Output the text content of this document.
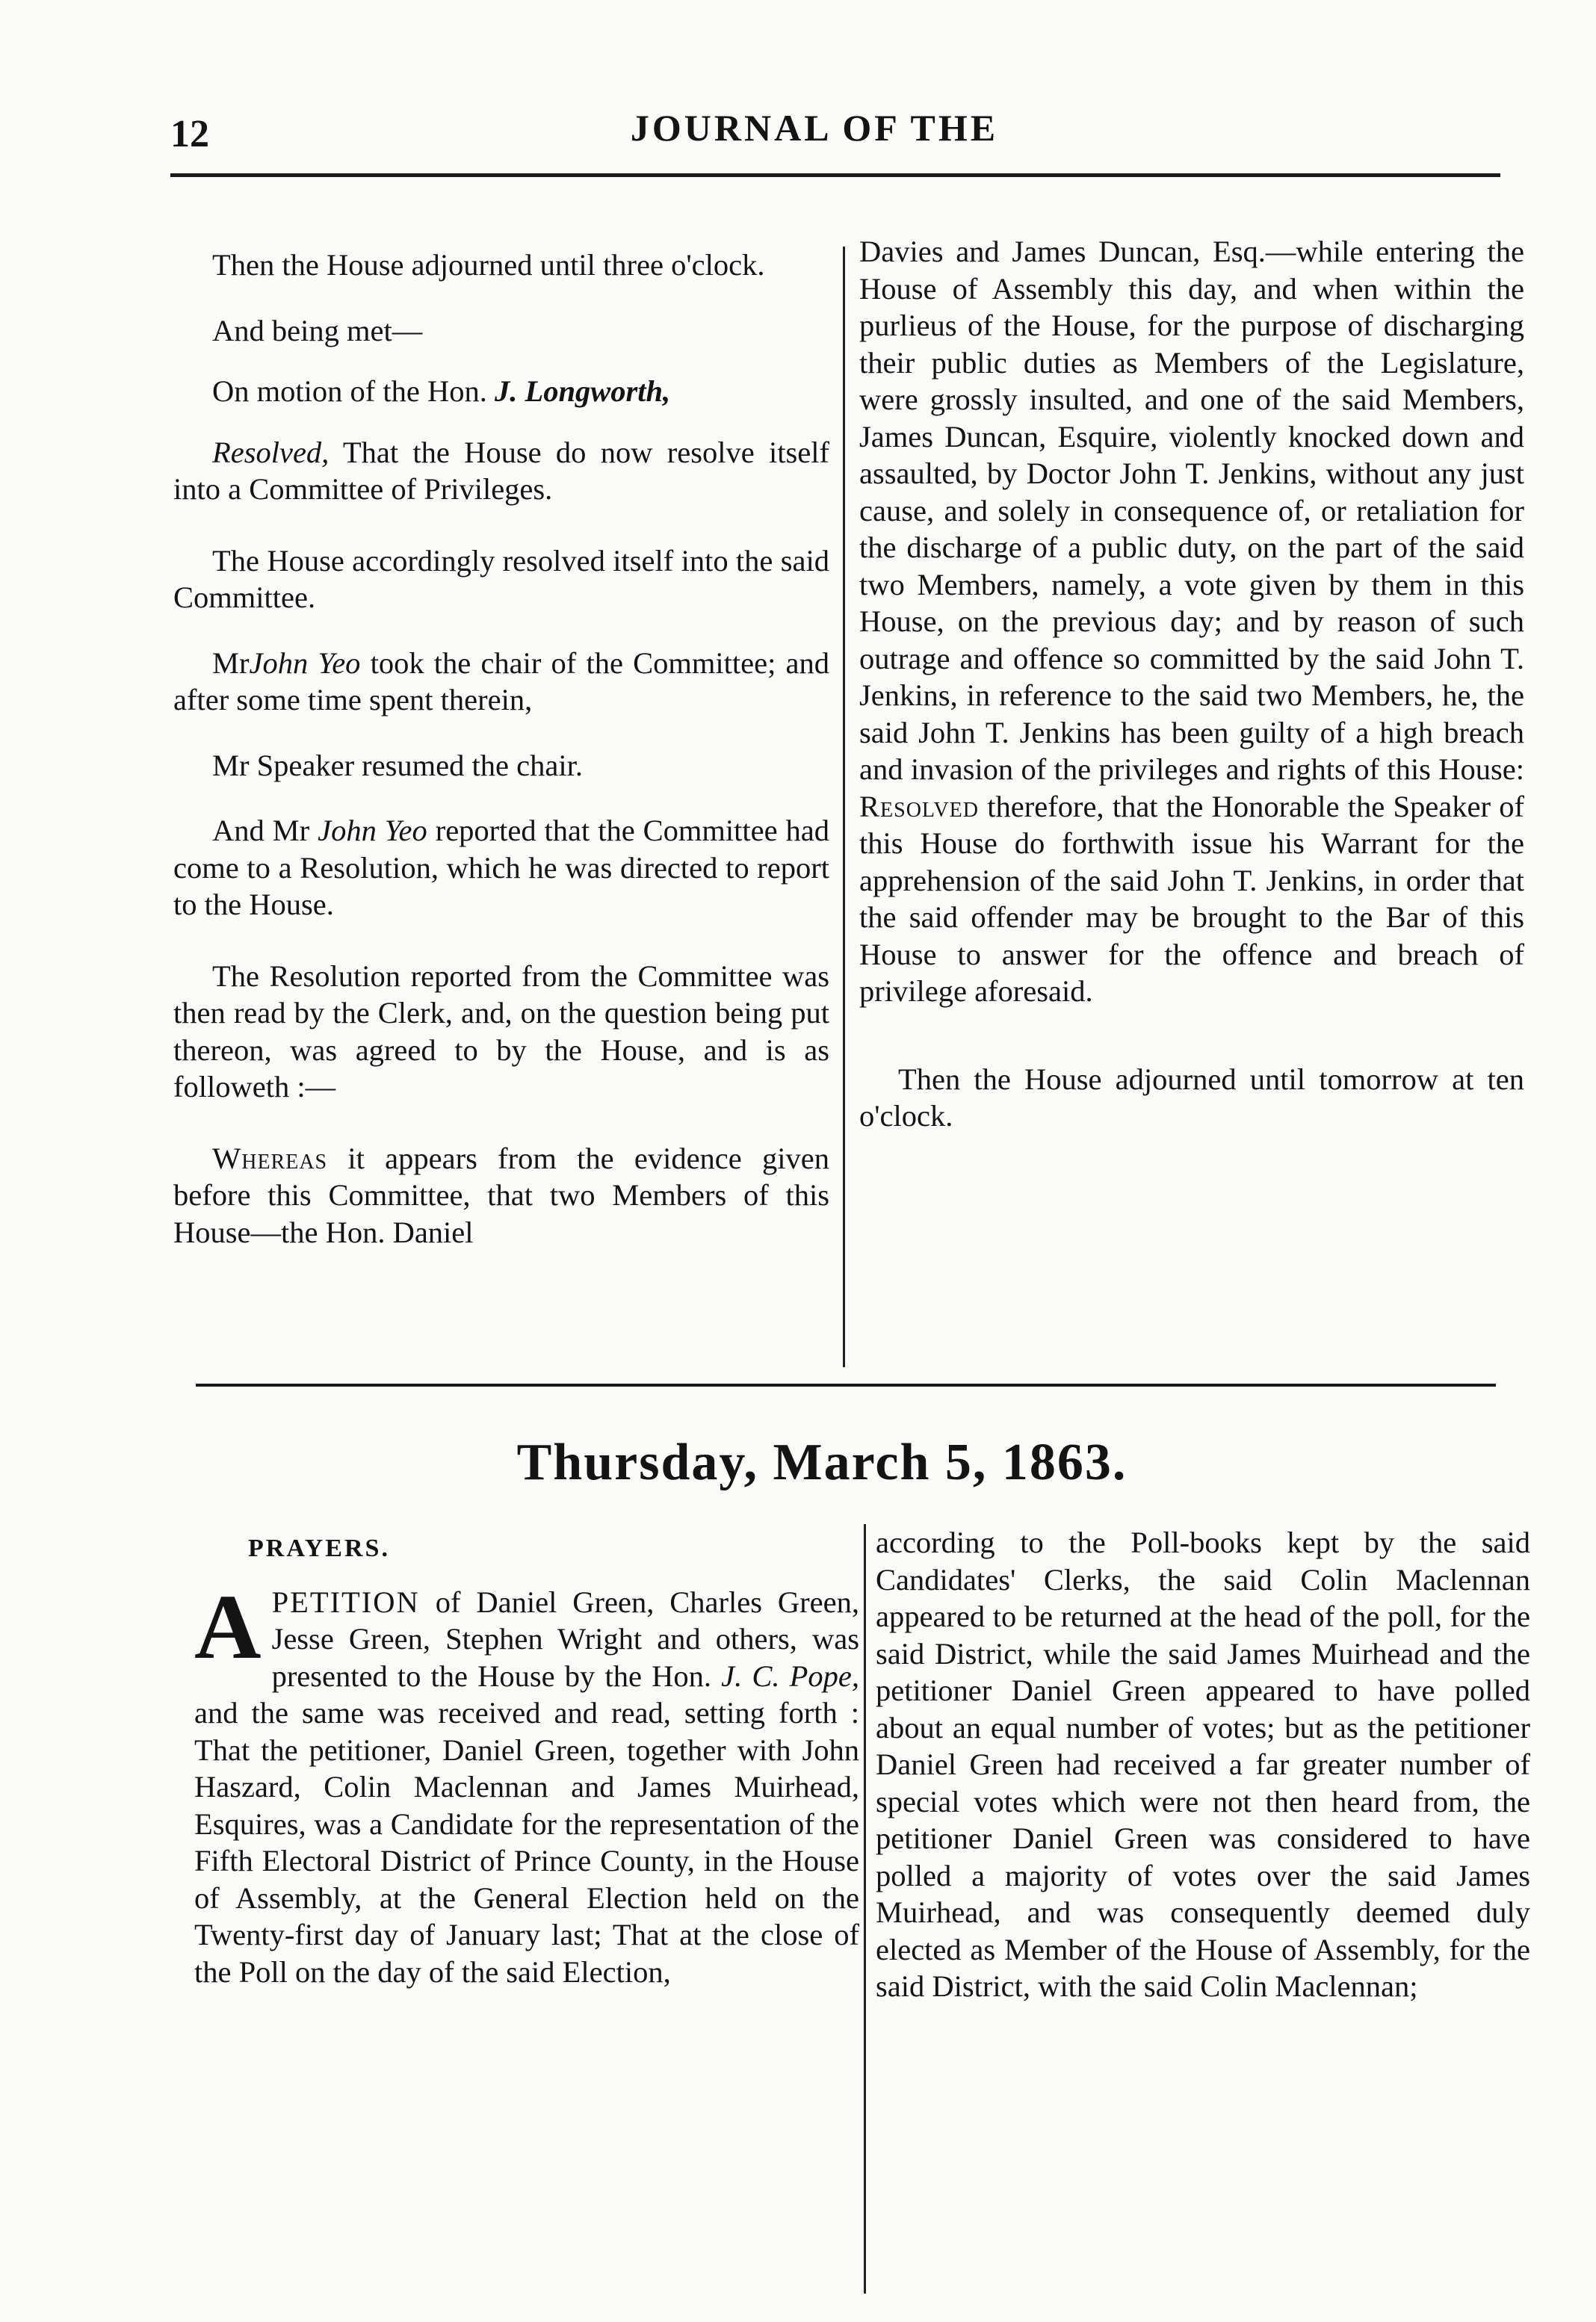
12	JOURNAL OF THE

Then the House adjourned until three o'clock.

And being met—

On motion of the Hon. J. Longworth,

Resolved, That the House do now resolve itself into a Committee of Privileges.

The House accordingly resolved itself into the said Committee.

MrJohn Yeo took the chair of the Committee; and after some time spent therein,

Mr Speaker resumed the chair.

And Mr John Yeo reported that the Committee had come to a Resolution, which he was directed to report to the House.

The Resolution reported from the Committee was then read by the Clerk, and, on the question being put thereon, was agreed to by the House, and is as followeth :—

Whereas it appears from the evidence given before this Committee, that two Members of this House—the Hon. Daniel

Davies and James Duncan, Esq.—while entering the House of Assembly this day, and when within the purlieus of the House, for the purpose of discharging their public duties as Members of the Legislature, were grossly insulted, and one of the said Members, James Duncan, Esquire, violently knocked down and assaulted, by Doctor John T. Jenkins, without any just cause, and solely in consequence of, or retaliation for the discharge of a public duty, on the part of the said two Members, namely, a vote given by them in this House, on the previous day; and by reason of such outrage and offence so committed by the said John T. Jenkins, in reference to the said two Members, he, the said John T. Jenkins has been guilty of a high breach and invasion of the privileges and rights of this House: Resolved therefore, that the Honorable the Speaker of this House do forthwith issue his Warrant for the apprehension of the said John T. Jenkins, in order that the said offender may be brought to the Bar of this House to answer for the offence and breach of privilege aforesaid.

Then the House adjourned until tomorrow at ten o'clock.

Thursday, March 5, 1863.

PRAYERS.

APETITION of Daniel Green, Charles Green, Jesse Green, Stephen Wright and others, was presented to the House by the Hon. J. C. Pope, and the same was received and read, setting forth : That the petitioner, Daniel Green, together with John Haszard, Colin Maclennan and James Muirhead, Esquires, was a Candidate for the representation of the Fifth Electoral District of Prince County, in the House of Assembly, at the General Election held on the Twenty-first day of January last; That at the close of the Poll on the day of the said Election,

according to the Poll-books kept by the said Candidates' Clerks, the said Colin Maclennan appeared to be returned at the head of the poll, for the said District, while the said James Muirhead and the petitioner Daniel Green appeared to have polled about an equal number of votes; but as the petitioner Daniel Green had received a far greater number of special votes which were not then heard from, the petitioner Daniel Green was considered to have polled a majority of votes over the said James Muirhead, and was consequently deemed duly elected as Member of the House of Assembly, for the said District, with the said Colin Maclennan;
